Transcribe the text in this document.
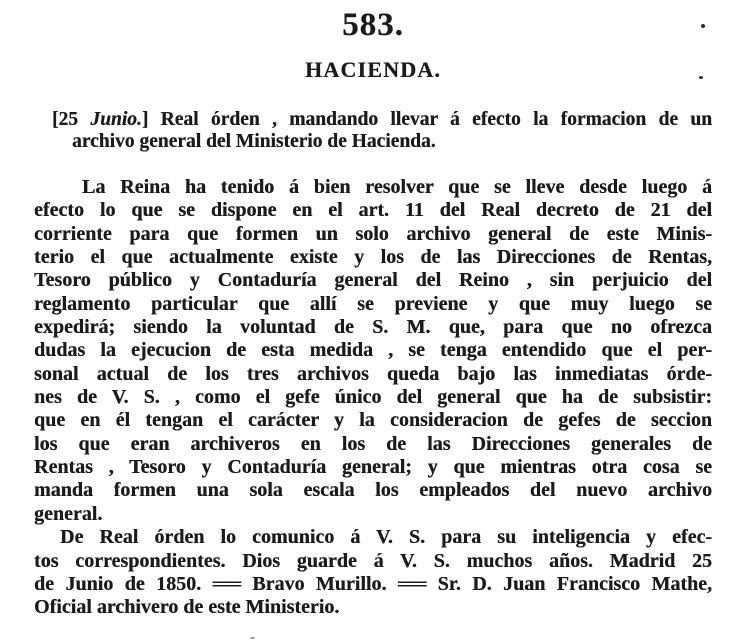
583.
HACIENDA.
[25 Junio.] Real órden , mandando llevar á efecto la formacion de un
archivo general del Ministerio de Hacienda.
La Reina ha tenido á bien resolver que se lleve desde luego á
efecto lo que se dispone en el art. 11 del Real decreto de 21 del
corriente para que formen un solo archivo general de este Minis-
terio el que actualmente existe y los de las Direcciones de Rentas,
Tesoro público y Contaduría general del Reino , sin perjuicio del
reglamento particular que allí se previene y que muy luego se
expedirá; siendo la voluntad de S. M. que, para que no ofrezca
dudas la ejecucion de esta medida , se tenga entendido que el per-
sonal actual de los tres archivos queda bajo las inmediatas órde-
nes de V. S. , como el gefe único del general que ha de subsistir:
que en él tengan el carácter y la consideracion de gefes de seccion
los que eran archiveros en los de las Direcciones generales de
Rentas , Tesoro y Contaduría general; y que mientras otra cosa se
manda formen una sola escala los empleados del nuevo archivo
general.
De Real órden lo comunico á V. S. para su inteligencia y efec-
tos correspondientes. Dios guarde á V. S. muchos años. Madrid 25
de Junio de 1850. ══ Bravo Murillo. ══ Sr. D. Juan Francisco Mathe,
Oficial archivero de este Ministerio.
